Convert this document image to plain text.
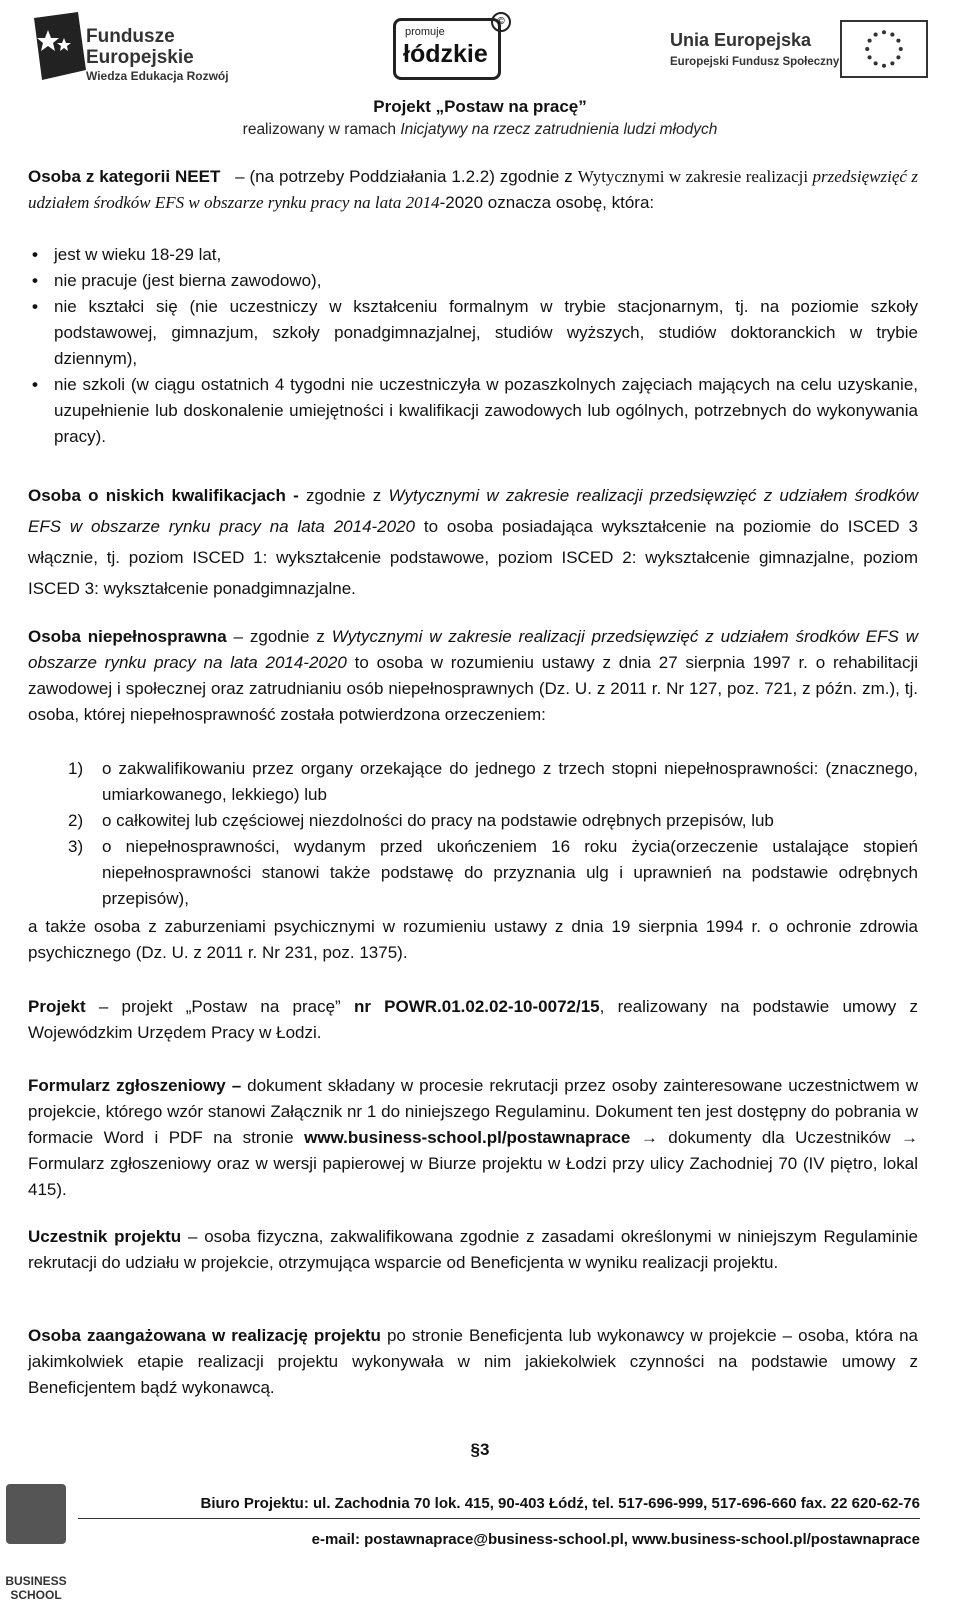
Fundusze
Europejskie
Wiedza Edukacja Rozwój
promuje
łódzkie
©
Unia Europejska
Europejski Fundusz Społeczny
Projekt „Postaw na pracę”
realizowany w ramach Inicjatywy na rzecz zatrudnienia ludzi młodych
Osoba z kategorii NEET – (na potrzeby Poddziałania 1.2.2) zgodnie z Wytycznymi w zakresie realizacji przedsięwzięć z udziałem środków EFS w obszarze rynku pracy na lata 2014-2020 oznacza osobę, która:
• jest w wieku 18-29 lat,
• nie pracuje (jest bierna zawodowo),
• nie kształci się (nie uczestniczy w kształceniu formalnym w trybie stacjonarnym, tj. na poziomie szkoły podstawowej, gimnazjum, szkoły ponadgimnazjalnej, studiów wyższych, studiów doktoranckich w trybie dziennym),
• nie szkoli (w ciągu ostatnich 4 tygodni nie uczestniczyła w pozaszkolnych zajęciach mających na celu uzyskanie, uzupełnienie lub doskonalenie umiejętności i kwalifikacji zawodowych lub ogólnych, potrzebnych do wykonywania pracy).
Osoba o niskich kwalifikacjach - zgodnie z Wytycznymi w zakresie realizacji przedsięwzięć z udziałem środków EFS w obszarze rynku pracy na lata 2014-2020 to osoba posiadająca wykształcenie na poziomie do ISCED 3 włącznie, tj. poziom ISCED 1: wykształcenie podstawowe, poziom ISCED 2: wykształcenie gimnazjalne, poziom ISCED 3: wykształcenie ponadgimnazjalne.
Osoba niepełnosprawna – zgodnie z Wytycznymi w zakresie realizacji przedsięwzięć z udziałem środków EFS w obszarze rynku pracy na lata 2014-2020 to osoba w rozumieniu ustawy z dnia 27 sierpnia 1997 r. o rehabilitacji zawodowej i społecznej oraz zatrudnianiu osób niepełnosprawnych (Dz. U. z 2011 r. Nr 127, poz. 721, z późn. zm.), tj. osoba, której niepełnosprawność została potwierdzona orzeczeniem:
1) o zakwalifikowaniu przez organy orzekające do jednego z trzech stopni niepełnosprawności: (znacznego, umiarkowanego, lekkiego) lub
2) o całkowitej lub częściowej niezdolności do pracy na podstawie odrębnych przepisów, lub
3) o niepełnosprawności, wydanym przed ukończeniem 16 roku życia(orzeczenie ustalające stopień niepełnosprawności stanowi także podstawę do przyznania ulg i uprawnień na podstawie odrębnych przepisów),
a także osoba z zaburzeniami psychicznymi w rozumieniu ustawy z dnia 19 sierpnia 1994 r. o ochronie zdrowia psychicznego (Dz. U. z 2011 r. Nr 231, poz. 1375).
Projekt – projekt „Postaw na pracę” nr POWR.01.02.02-10-0072/15, realizowany na podstawie umowy z Wojewódzkim Urzędem Pracy w Łodzi.
Formularz zgłoszeniowy – dokument składany w procesie rekrutacji przez osoby zainteresowane uczestnictwem w projekcie, którego wzór stanowi Załącznik nr 1 do niniejszego Regulaminu. Dokument ten jest dostępny do pobrania w formacie Word i PDF na stronie www.business-school.pl/postawnaprace → dokumenty dla Uczestników → Formularz zgłoszeniowy oraz w wersji papierowej w Biurze projektu w Łodzi przy ulicy Zachodniej 70 (IV piętro, lokal 415).
Uczestnik projektu – osoba fizyczna, zakwalifikowana zgodnie z zasadami określonymi w niniejszym Regulaminie rekrutacji do udziału w projekcie, otrzymująca wsparcie od Beneficjenta w wyniku realizacji projektu.
Osoba zaangażowana w realizację projektu po stronie Beneficjenta lub wykonawcy w projekcie – osoba, która na jakimkolwiek etapie realizacji projektu wykonywała w nim jakiekolwiek czynności na podstawie umowy z Beneficjentem bądź wykonawcą.
§3
BUSINESS
SCHOOL
Biuro Projektu: ul. Zachodnia 70 lok. 415, 90-403 Łódź, tel. 517-696-999, 517-696-660 fax. 22 620-62-76
e-mail: postawnaprace@business-school.pl, www.business-school.pl/postawnaprace
